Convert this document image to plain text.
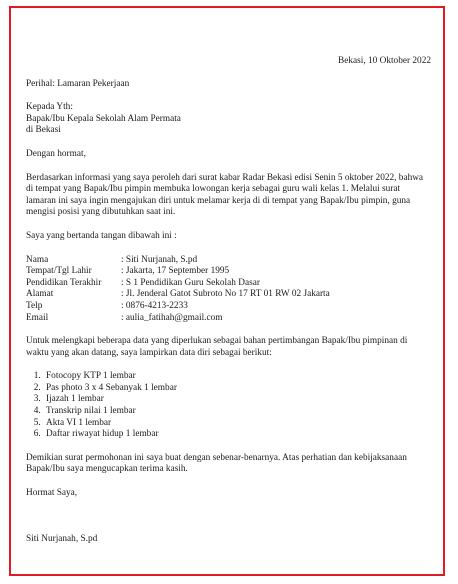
Bekasi, 10 Oktober 2022

Perihal: Lamaran Pekerjaan

Kepada Yth:

Bapak/Ibu Kepala Sekolah Alam Permata

di Bekasi

Dengan hormat,

Berdasarkan informasi yang saya peroleh dari surat kabar Radar Bekasi edisi Senin 5 oktober 2022, bahwa di tempat yang Bapak/Ibu pimpin membuka lowongan kerja sebagai guru wali kelas 1. Melalui surat lamaran ini saya ingin mengajukan diri untuk melamar kerja di di tempat yang Bapak/Ibu pimpin, guna mengisi posisi yang dibutuhkan saat ini.

Saya yang bertanda tangan dibawah ini :

Nama	: Siti Nurjanah, S.pd
Tempat/Tgl Lahir	: Jakarta, 17 September 1995
Pendidikan Terakhir	: S 1 Pendidikan Guru Sekolah Dasar
Alamat	: Jl. Jenderal Gatot Subroto No 17 RT 01 RW 02 Jakarta
Telp	: 0876-4213-2233
Email	: aulia_fatihah@gmail.com

Untuk melengkapi beberapa data yang diperlukan sebagai bahan pertimbangan Bapak/Ibu pimpinan di waktu yang akan datang, saya lampirkan data diri sebagai berikut:

1. Fotocopy KTP 1 lembar
2. Pas photo 3 x 4 Sebanyak 1 lembar
3. Ijazah 1 lembar
4. Transkrip nilai 1 lembar
5. Akta VI 1 lembar
6. Daftar riwayat hidup 1 lembar

Demikian surat permohonan ini saya buat dengan sebenar-benarnya. Atas perhatian dan kebijaksanaan Bapak/Ibu saya mengucapkan terima kasih.

Hormat Saya,

Siti Nurjanah, S.pd
